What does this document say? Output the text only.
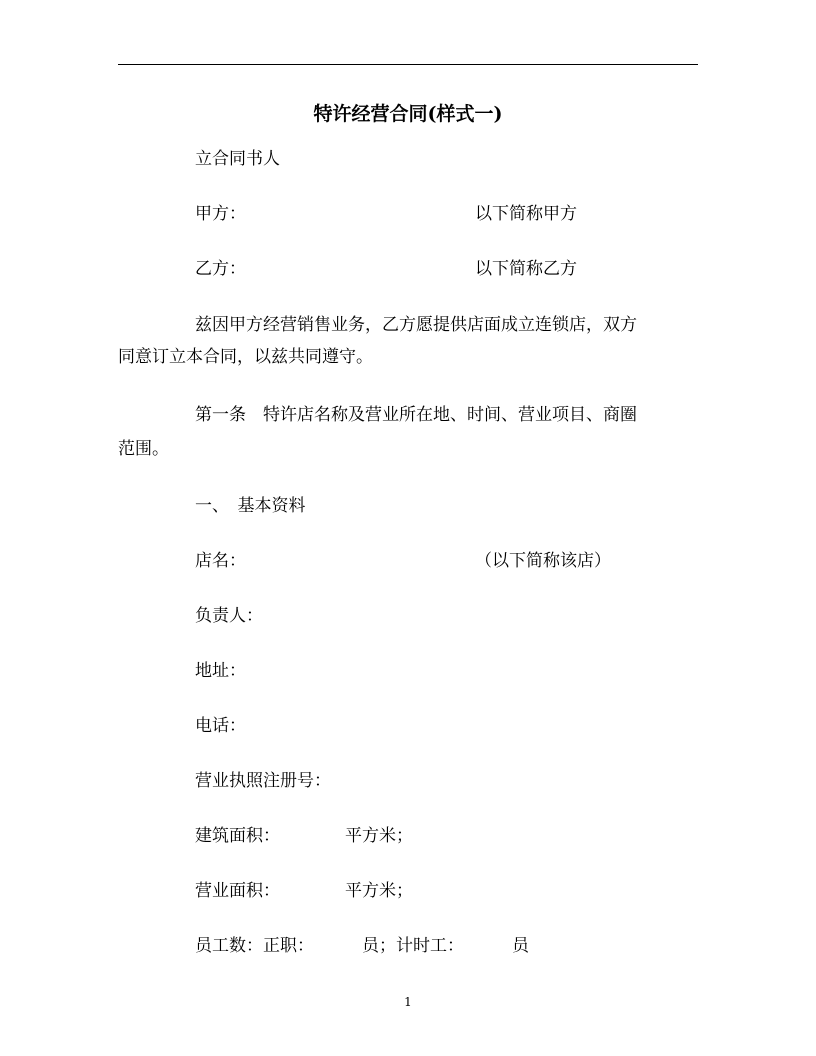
特许经营合同(样式一)
立合同书人
甲方：	以下简称甲方
乙方：	以下简称乙方
兹因甲方经营销售业务，乙方愿提供店面成立连锁店，双方
同意订立本合同，以兹共同遵守。
第一条　特许店名称及营业所在地、时间、营业项目、商圈
范围。
一、　基本资料
店名：	（以下简称该店）
负责人：
地址：
电话：
营业执照注册号：
建筑面积：	平方米；
营业面积：	平方米；
员工数：正职：	员；计时工：	员
1
